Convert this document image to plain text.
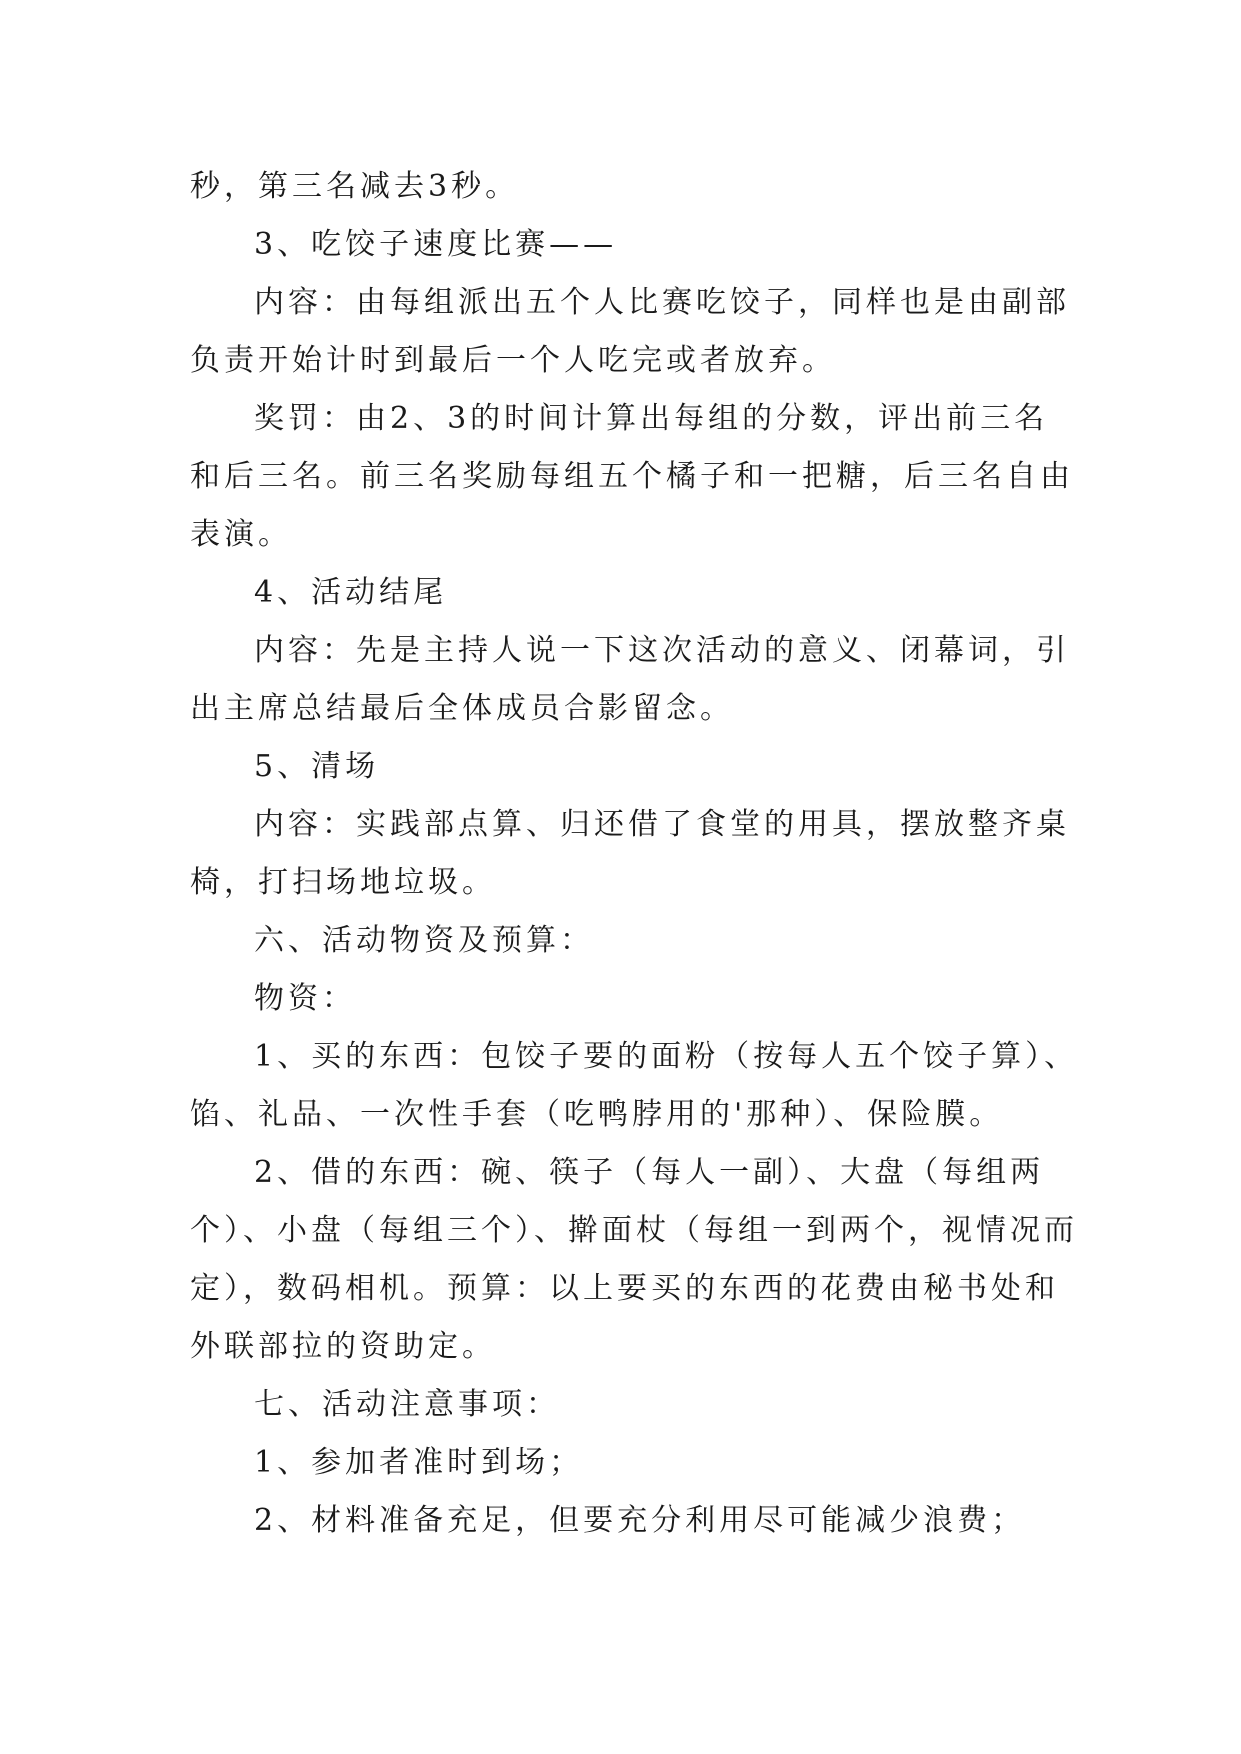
秒，第三名减去3秒。

3、吃饺子速度比赛——

内容：由每组派出五个人比赛吃饺子，同样也是由副部

负责开始计时到最后一个人吃完或者放弃。

奖罚：由2、3的时间计算出每组的分数，评出前三名

和后三名。前三名奖励每组五个橘子和一把糖，后三名自由

表演。

4、活动结尾

内容：先是主持人说一下这次活动的意义、闭幕词，引

出主席总结最后全体成员合影留念。

5、清场

内容：实践部点算、归还借了食堂的用具，摆放整齐桌

椅，打扫场地垃圾。

六、活动物资及预算：

物资：

1、买的东西：包饺子要的面粉（按每人五个饺子算）、

馅、礼品、一次性手套（吃鸭脖用的'那种）、保险膜。

2、借的东西：碗、筷子（每人一副）、大盘（每组两

个）、小盘（每组三个）、擀面杖（每组一到两个，视情况而

定），数码相机。预算：以上要买的东西的花费由秘书处和

外联部拉的资助定。

七、活动注意事项：

1、参加者准时到场；

2、材料准备充足，但要充分利用尽可能减少浪费；
